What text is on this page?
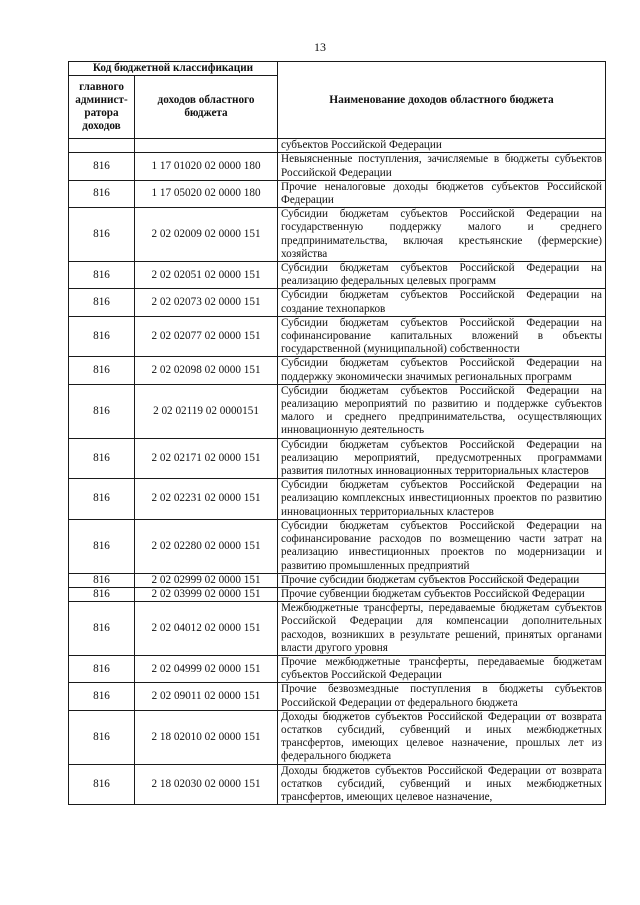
13
Код бюджетной классификации		Наименование доходов областного бюджета
главного админист-ратора доходов	доходов областного бюджета	
		субъектов Российской Федерации
816	1 17 01020 02 0000 180	Невыясненные поступления, зачисляемые в бюджеты субъектов Российской Федерации
816	1 17 05020 02 0000 180	Прочие неналоговые доходы бюджетов субъектов Российской Федерации
816	2 02 02009 02 0000 151	Субсидии бюджетам субъектов Российской Федерации на государственную поддержку малого и среднего предпринимательства, включая крестьянские (фермерские) хозяйства
816	2 02 02051 02 0000 151	Субсидии бюджетам субъектов Российской Федерации на реализацию федеральных целевых программ
816	2 02 02073 02 0000 151	Субсидии бюджетам субъектов Российской Федерации на создание технопарков
816	2 02 02077 02 0000 151	Субсидии бюджетам субъектов Российской Федерации на софинансирование капитальных вложений в объекты государственной (муниципальной) собственности
816	2 02 02098 02 0000 151	Субсидии бюджетам субъектов Российской Федерации на поддержку экономически значимых региональных программ
816	2 02 02119 02 0000151	Субсидии бюджетам субъектов Российской Федерации на реализацию мероприятий по развитию и поддержке субъектов малого и среднего предпринимательства, осуществляющих инновационную деятельность
816	2 02 02171 02 0000 151	Субсидии бюджетам субъектов Российской Федерации на реализацию мероприятий, предусмотренных программами развития пилотных инновационных территориальных кластеров
816	2 02 02231 02 0000 151	Субсидии бюджетам субъектов Российской Федерации на реализацию комплексных инвестиционных проектов по развитию инновационных территориальных кластеров
816	2 02 02280 02 0000 151	Субсидии бюджетам субъектов Российской Федерации на софинансирование расходов по возмещению части затрат на реализацию инвестиционных проектов по модернизации и развитию промышленных предприятий
816	2 02 02999 02 0000 151	Прочие субсидии бюджетам субъектов Российской Федерации
816	2 02 03999 02 0000 151	Прочие субвенции бюджетам субъектов Российской Федерации
816	2 02 04012 02 0000 151	Межбюджетные трансферты, передаваемые бюджетам субъектов Российской Федерации для компенсации дополнительных расходов, возникших в результате решений, принятых органами власти другого уровня
816	2 02 04999 02 0000 151	Прочие межбюджетные трансферты, передаваемые бюджетам субъектов Российской Федерации
816	2 02 09011 02 0000 151	Прочие безвозмездные поступления в бюджеты субъектов Российской Федерации от федерального бюджета
816	2 18 02010 02 0000 151	Доходы бюджетов субъектов Российской Федерации от возврата остатков субсидий, субвенций и иных межбюджетных трансфертов, имеющих целевое назначение, прошлых лет из федерального бюджета
816	2 18 02030 02 0000 151	Доходы бюджетов субъектов Российской Федерации от возврата остатков субсидий, субвенций и иных межбюджетных трансфертов, имеющих целевое назначение,
